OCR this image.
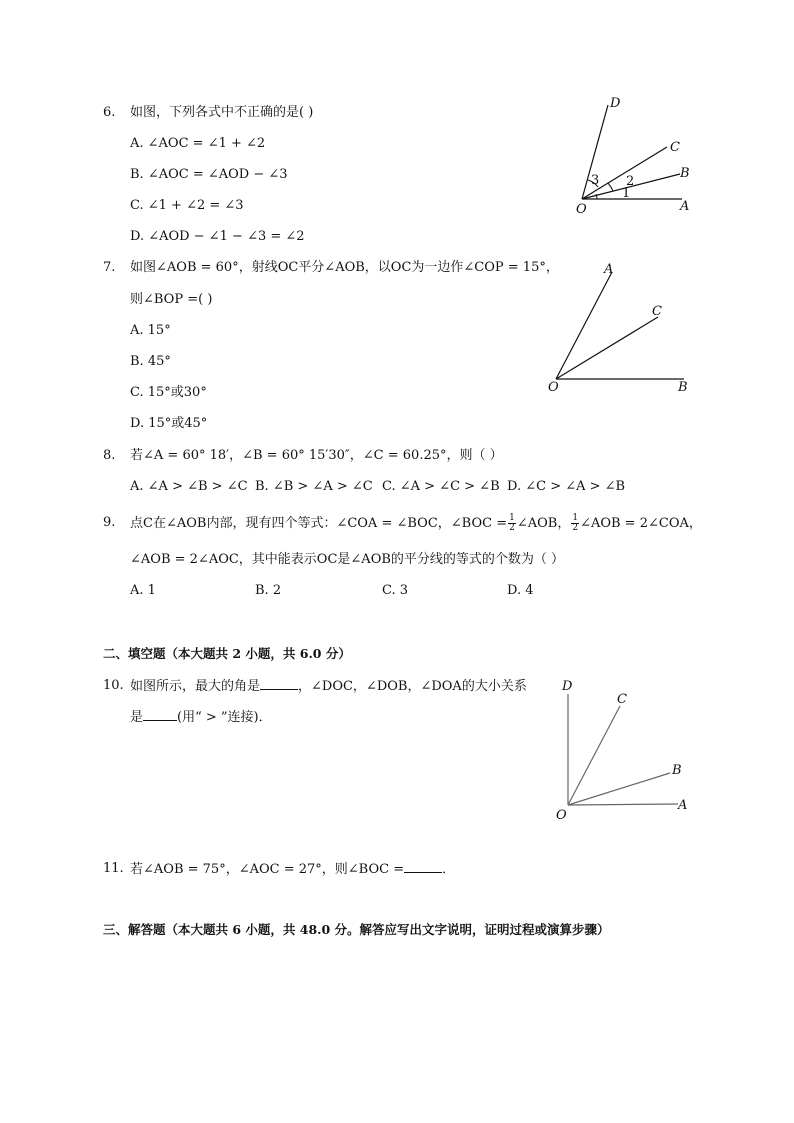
6. 如图，下列各式中不正确的是( )
A. ∠AOC = ∠1 + ∠2
B. ∠AOC = ∠AOD − ∠3
C. ∠1 + ∠2 = ∠3
D. ∠AOD − ∠1 − ∠3 = ∠2
D
C
B
A
O
1
2
3
7. 如图∠AOB = 60°，射线OC平分∠AOB，以OC为一边作∠COP = 15°，
则∠BOP =( )
A. 15°
B. 45°
C. 15°或30°
D. 15°或45°
A
C
O	B
8. 若∠A = 60° 18′，∠B = 60° 15′30″，∠C = 60.25°，则（ ）
A. ∠A > ∠B > ∠C B. ∠B > ∠A > ∠C C. ∠A > ∠C > ∠B D. ∠C > ∠A > ∠B
9. 点C在∠AOB内部，现有四个等式：∠COA = ∠BOC，∠BOC = $\frac{1}{2}$ ∠AOB， $\frac{1}{2}$ ∠AOB = 2∠COA，
∠AOB = 2∠AOC，其中能表示OC是∠AOB的平分线的等式的个数为（ ）
A. 1	B. 2	C. 3	D. 4
二、填空题（本大题共 2 小题，共 6.0 分）
10. 如图所示，最大的角是	，∠DOC，∠DOB，∠DOA的大小关系
是	(用“ > ”连接)．
D
C
B
A
O
11. 若∠AOB = 75°，∠AOC = 27°，则∠BOC =	．
三、解答题（本大题共 6 小题，共 48.0 分。解答应写出文字说明，证明过程或演算步骤）
